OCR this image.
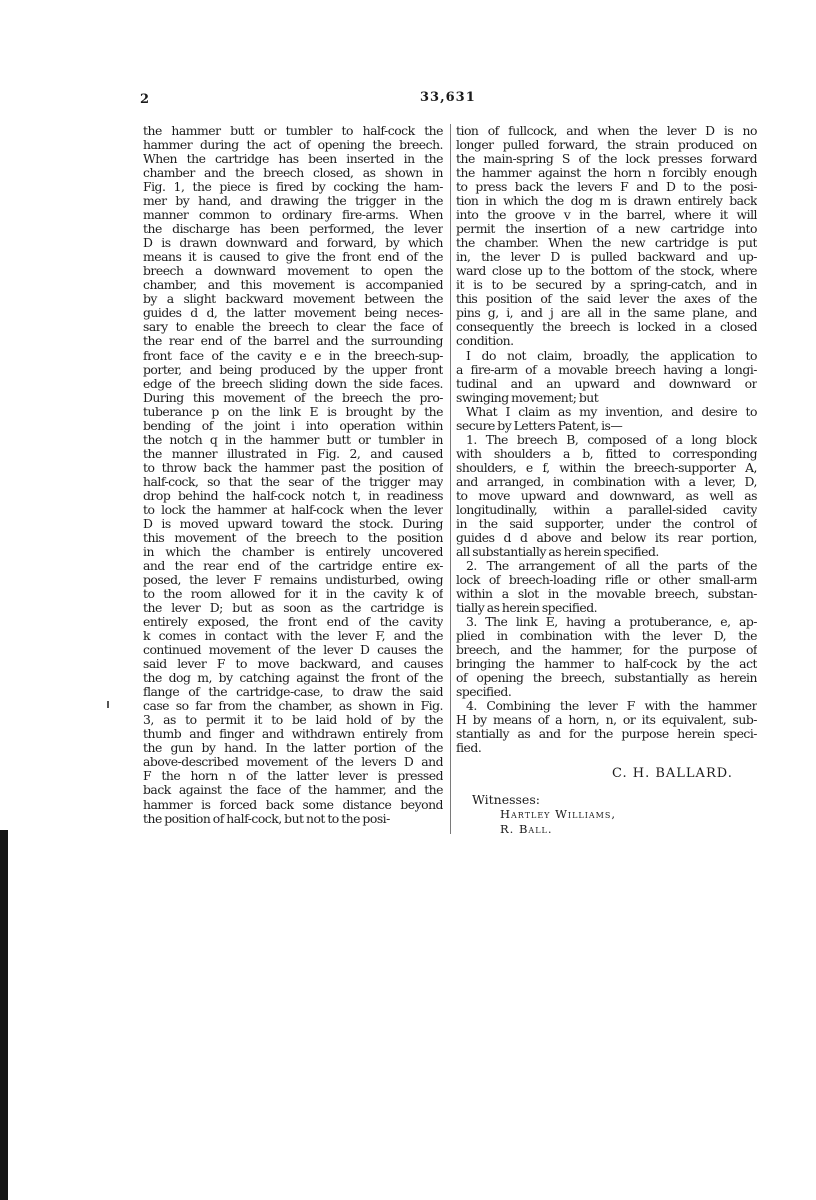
2	33,631
the hammer butt or tumbler to half-cock the
hammer during the act of opening the breech.
When the cartridge has been inserted in the
chamber and the breech closed, as shown in
Fig. 1, the piece is fired by cocking the ham-
mer by hand, and drawing the trigger in the
manner common to ordinary fire-arms. When
the discharge has been performed, the lever
D is drawn downward and forward, by which
means it is caused to give the front end of the
breech a downward movement to open the
chamber, and this movement is accompanied
by a slight backward movement between the
guides d d, the latter movement being neces-
sary to enable the breech to clear the face of
the rear end of the barrel and the surrounding
front face of the cavity e e in the breech-sup-
porter, and being produced by the upper front
edge of the breech sliding down the side faces.
During this movement of the breech the pro-
tuberance p on the link E is brought by the
bending of the joint i into operation within
the notch q in the hammer butt or tumbler in
the manner illustrated in Fig. 2, and caused
to throw back the hammer past the position of
half-cock, so that the sear of the trigger may
drop behind the half-cock notch t, in readiness
to lock the hammer at half-cock when the lever
D is moved upward toward the stock. During
this movement of the breech to the position
in which the chamber is entirely uncovered
and the rear end of the cartridge entire ex-
posed, the lever F remains undisturbed, owing
to the room allowed for it in the cavity k of
the lever D; but as soon as the cartridge is
entirely exposed, the front end of the cavity
k comes in contact with the lever F, and the
continued movement of the lever D causes the
said lever F to move backward, and causes
the dog m, by catching against the front of the
flange of the cartridge-case, to draw the said
case so far from the chamber, as shown in Fig.
3, as to permit it to be laid hold of by the
thumb and finger and withdrawn entirely from
the gun by hand. In the latter portion of the
above-described movement of the levers D and
F the horn n of the latter lever is pressed
back against the face of the hammer, and the
hammer is forced back some distance beyond
the position of half-cock, but not to the posi-
tion of fullcock, and when the lever D is no
longer pulled forward, the strain produced on
the main-spring S of the lock presses forward
the hammer against the horn n forcibly enough
to press back the levers F and D to the posi-
tion in which the dog m is drawn entirely back
into the groove v in the barrel, where it will
permit the insertion of a new cartridge into
the chamber. When the new cartridge is put
in, the lever D is pulled backward and up-
ward close up to the bottom of the stock, where
it is to be secured by a spring-catch, and in
this position of the said lever the axes of the
pins g, i, and j are all in the same plane, and
consequently the breech is locked in a closed
condition.
I do not claim, broadly, the application to
a fire-arm of a movable breech having a longi-
tudinal and an upward and downward or
swinging movement; but
What I claim as my invention, and desire to
secure by Letters Patent, is—
1. The breech B, composed of a long block
with shoulders a b, fitted to corresponding
shoulders, e f, within the breech-supporter A,
and arranged, in combination with a lever, D,
to move upward and downward, as well as
longitudinally, within a parallel-sided cavity
in the said supporter, under the control of
guides d d above and below its rear portion,
all substantially as herein specified.
2. The arrangement of all the parts of the
lock of breech-loading rifle or other small-arm
within a slot in the movable breech, substan-
tially as herein specified.
3. The link E, having a protuberance, e, ap-
plied in combination with the lever D, the
breech, and the hammer, for the purpose of
bringing the hammer to half-cock by the act
of opening the breech, substantially as herein
specified.
4. Combining the lever F with the hammer
H by means of a horn, n, or its equivalent, sub-
stantially as and for the purpose herein speci-
fied.
C. H. BALLARD.
Witnesses:
Hartley Williams,
R. Ball.
